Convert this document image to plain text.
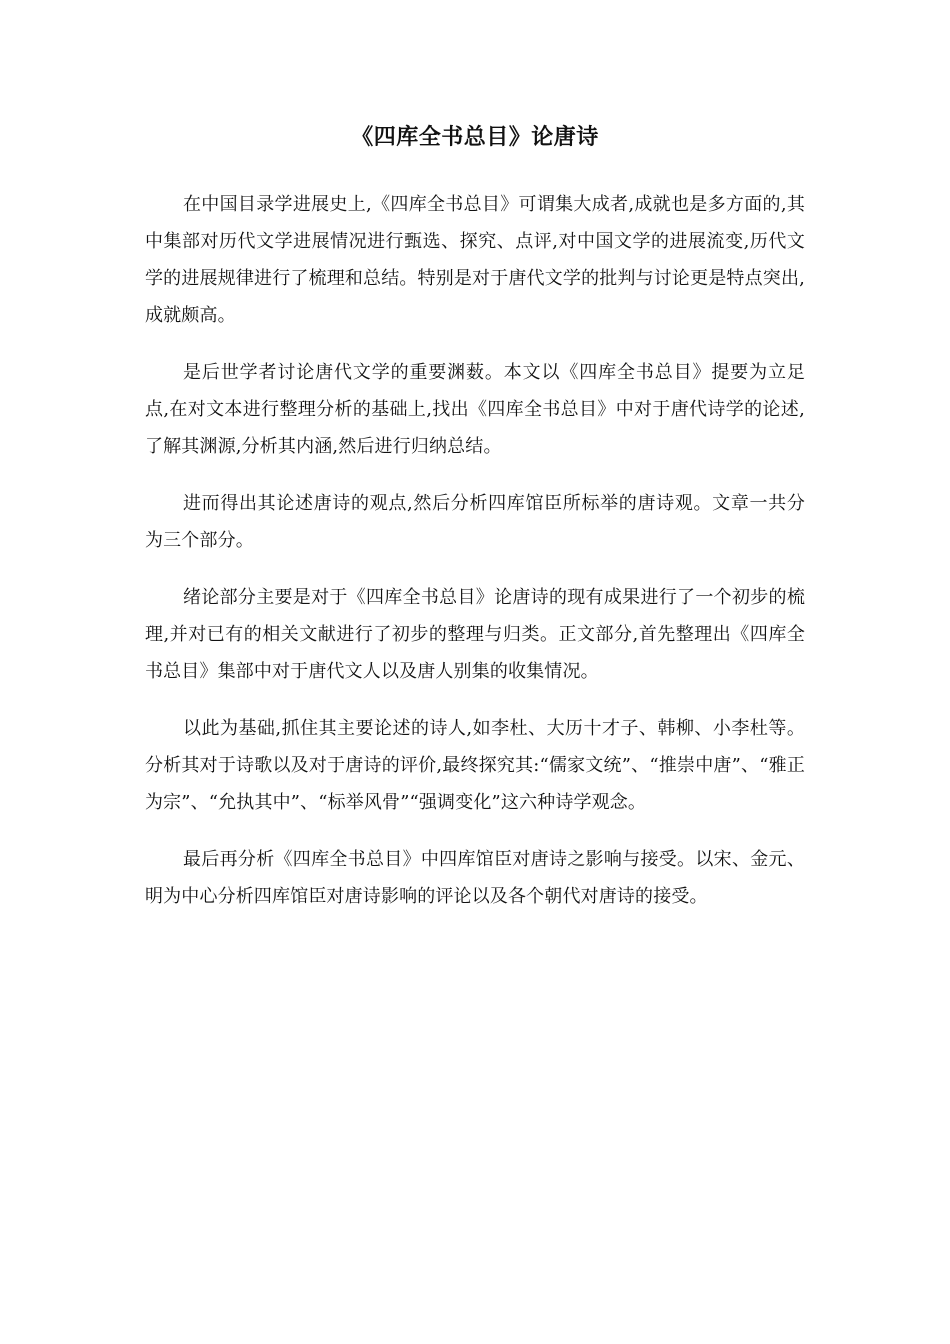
《四库全书总目》论唐诗

在中国目录学进展史上,《四库全书总目》可谓集大成者,成就也是多方面的,其中集部对历代文学进展情况进行甄选、探究、点评,对中国文学的进展流变,历代文学的进展规律进行了梳理和总结。特别是对于唐代文学的批判与讨论更是特点突出,成就颇高。

是后世学者讨论唐代文学的重要渊薮。本文以《四库全书总目》提要为立足点,在对文本进行整理分析的基础上,找出《四库全书总目》中对于唐代诗学的论述,了解其渊源,分析其内涵,然后进行归纳总结。

进而得出其论述唐诗的观点,然后分析四库馆臣所标举的唐诗观。文章一共分为三个部分。

绪论部分主要是对于《四库全书总目》论唐诗的现有成果进行了一个初步的梳理,并对已有的相关文献进行了初步的整理与归类。正文部分,首先整理出《四库全书总目》集部中对于唐代文人以及唐人别集的收集情况。

以此为基础,抓住其主要论述的诗人,如李杜、大历十才子、韩柳、小李杜等。分析其对于诗歌以及对于唐诗的评价,最终探究其:“儒家文统”、“推崇中唐”、“雅正为宗”、“允执其中”、“标举风骨”“强调变化”这六种诗学观念。

最后再分析《四库全书总目》中四库馆臣对唐诗之影响与接受。以宋、金元、明为中心分析四库馆臣对唐诗影响的评论以及各个朝代对唐诗的接受。
